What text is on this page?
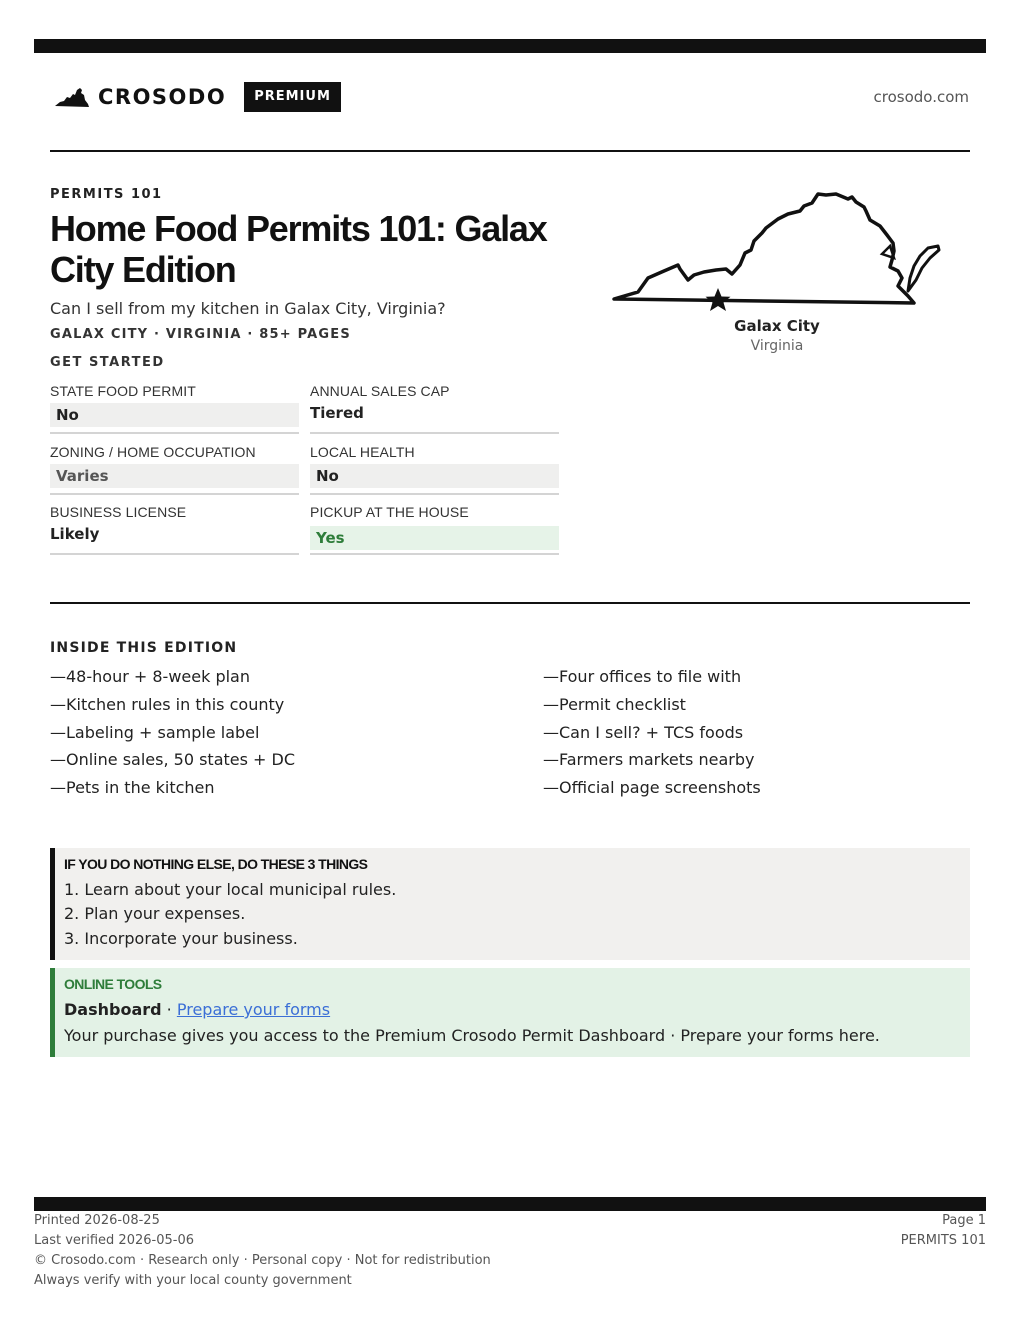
CROSODO	PREMIUM	crosodo.com
PERMITS 101
Home Food Permits 101: Galax City Edition
Can I sell from my kitchen in Galax City, Virginia?
GALAX CITY · VIRGINIA · 85+ PAGES
GET STARTED
STATE FOOD PERMIT
No
ANNUAL SALES CAP
Tiered
ZONING / HOME OCCUPATION
Varies
LOCAL HEALTH
No
BUSINESS LICENSE
Likely
PICKUP AT THE HOUSE
Yes
Galax City
Virginia
INSIDE THIS EDITION
—48-hour + 8-week plan
—Kitchen rules in this county
—Labeling + sample label
—Online sales, 50 states + DC
—Pets in the kitchen
—Four offices to file with
—Permit checklist
—Can I sell? + TCS foods
—Farmers markets nearby
—Official page screenshots
IF YOU DO NOTHING ELSE, DO THESE 3 THINGS
1. Learn about your local municipal rules.
2. Plan your expenses.
3. Incorporate your business.
ONLINE TOOLS
Dashboard · Prepare your forms
Your purchase gives you access to the Premium Crosodo Permit Dashboard · Prepare your forms here.
Printed 2026-08-25
Last verified 2026-05-06
© Crosodo.com · Research only · Personal copy · Not for redistribution
Always verify with your local county government
Page 1
PERMITS 101
